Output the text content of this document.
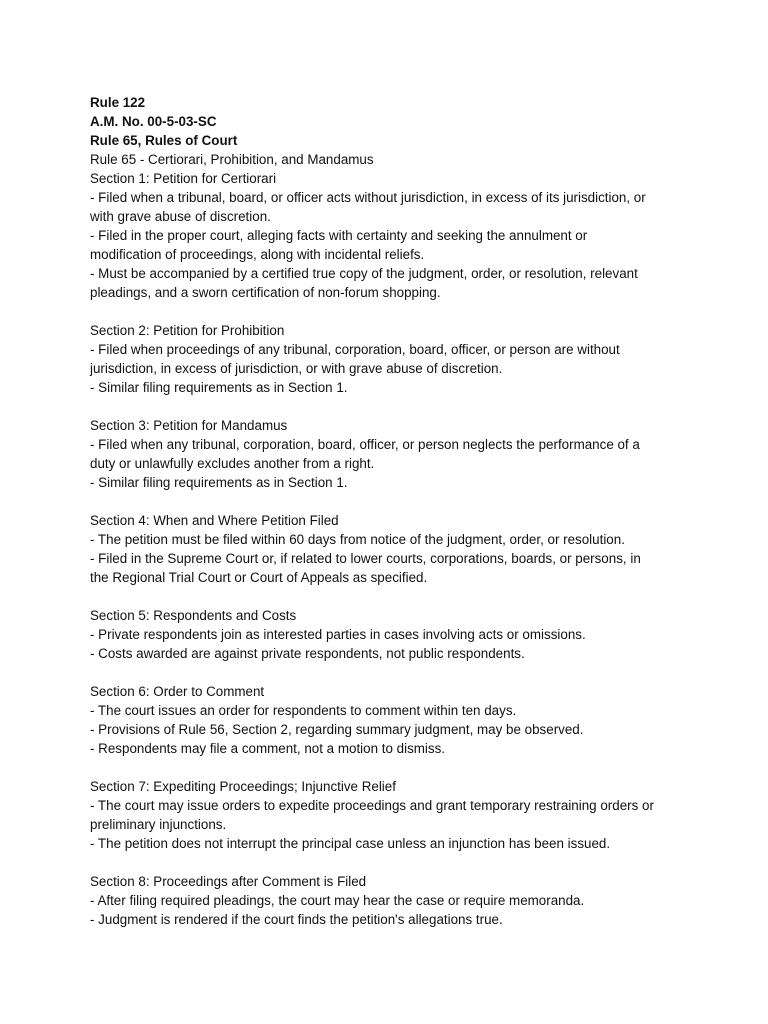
Rule 122
A.M. No. 00-5-03-SC
Rule 65, Rules of Court
Rule 65 - Certiorari, Prohibition, and Mandamus
Section 1: Petition for Certiorari
- Filed when a tribunal, board, or officer acts without jurisdiction, in excess of its jurisdiction, or
with grave abuse of discretion.
- Filed in the proper court, alleging facts with certainty and seeking the annulment or
modification of proceedings, along with incidental reliefs.
- Must be accompanied by a certified true copy of the judgment, order, or resolution, relevant
pleadings, and a sworn certification of non-forum shopping.
Section 2: Petition for Prohibition
- Filed when proceedings of any tribunal, corporation, board, officer, or person are without
jurisdiction, in excess of jurisdiction, or with grave abuse of discretion.
- Similar filing requirements as in Section 1.
Section 3: Petition for Mandamus
- Filed when any tribunal, corporation, board, officer, or person neglects the performance of a
duty or unlawfully excludes another from a right.
- Similar filing requirements as in Section 1.
Section 4: When and Where Petition Filed
- The petition must be filed within 60 days from notice of the judgment, order, or resolution.
- Filed in the Supreme Court or, if related to lower courts, corporations, boards, or persons, in
the Regional Trial Court or Court of Appeals as specified.
Section 5: Respondents and Costs
- Private respondents join as interested parties in cases involving acts or omissions.
- Costs awarded are against private respondents, not public respondents.
Section 6: Order to Comment
- The court issues an order for respondents to comment within ten days.
- Provisions of Rule 56, Section 2, regarding summary judgment, may be observed.
- Respondents may file a comment, not a motion to dismiss.
Section 7: Expediting Proceedings; Injunctive Relief
- The court may issue orders to expedite proceedings and grant temporary restraining orders or
preliminary injunctions.
- The petition does not interrupt the principal case unless an injunction has been issued.
Section 8: Proceedings after Comment is Filed
- After filing required pleadings, the court may hear the case or require memoranda.
- Judgment is rendered if the court finds the petition's allegations true.
